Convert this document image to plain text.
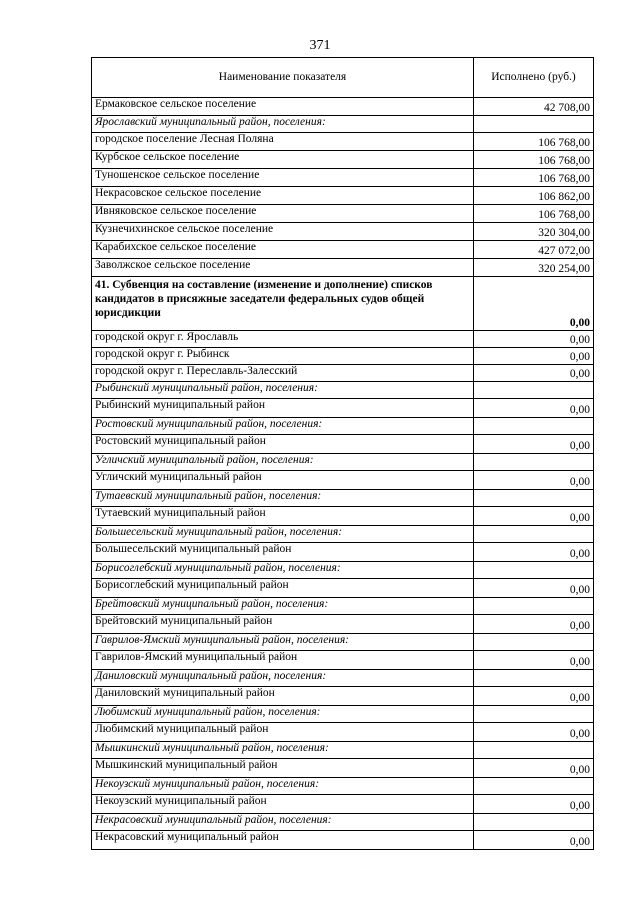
371
Наименование показателя	Исполнено (руб.)
Ермаковское сельское поселение	42 708,00
Ярославский муниципальный район, поселения:	
городское поселение Лесная Поляна	106 768,00
Курбское сельское поселение	106 768,00
Туношенское сельское поселение	106 768,00
Некрасовское сельское поселение	106 862,00
Ивняковское сельское поселение	106 768,00
Кузнечихинское сельское поселение	320 304,00
Карабихское сельское поселение	427 072,00
Заволжское сельское поселение	320 254,00
41. Субвенция на составление (изменение и дополнение) списков кандидатов в присяжные заседатели федеральных судов общей юрисдикции	0,00
городской округ г. Ярославль	0,00
городской округ г. Рыбинск	0,00
городской округ г. Переславль-Залесский	0,00
Рыбинский муниципальный район, поселения:	
Рыбинский муниципальный район	0,00
Ростовский муниципальный район, поселения:	
Ростовский муниципальный район	0,00
Угличский муниципальный район, поселения:	
Угличский муниципальный район	0,00
Тутаевский муниципальный район, поселения:	
Тутаевский муниципальный район	0,00
Большесельский муниципальный район, поселения:	
Большесельский муниципальный район	0,00
Борисоглебский муниципальный район, поселения:	
Борисоглебский муниципальный район	0,00
Брейтовский муниципальный район, поселения:	
Брейтовский муниципальный район	0,00
Гаврилов-Ямский муниципальный район, поселения:	
Гаврилов-Ямский муниципальный район	0,00
Даниловский муниципальный район, поселения:	
Даниловский муниципальный район	0,00
Любимский муниципальный район, поселения:	
Любимский муниципальный район	0,00
Мышкинский муниципальный район, поселения:	
Мышкинский муниципальный район	0,00
Некоузский муниципальный район, поселения:	
Некоузский муниципальный район	0,00
Некрасовский муниципальный район, поселения:	
Некрасовский муниципальный район	0,00
